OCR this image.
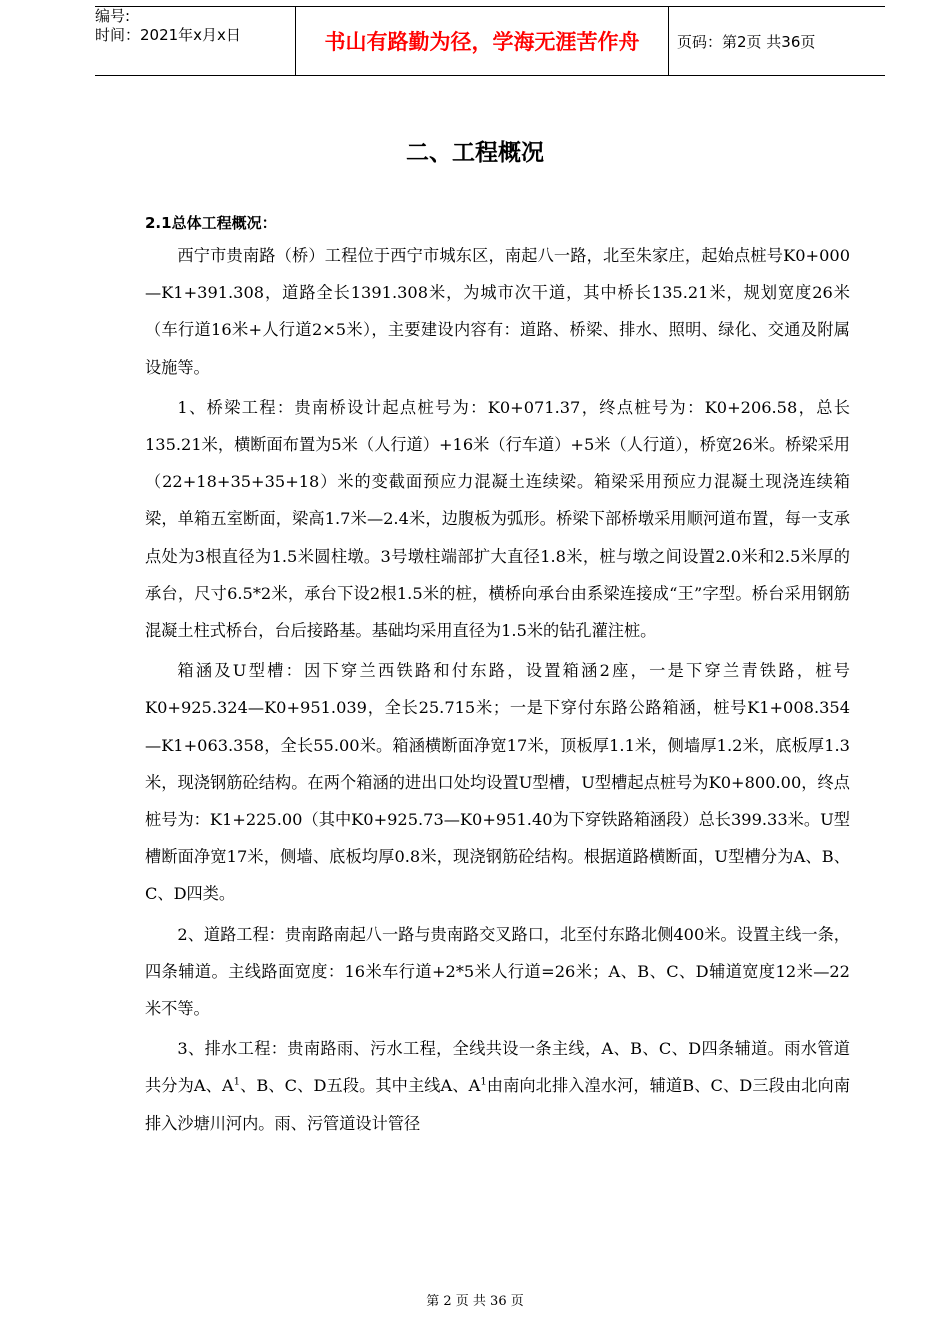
编号:
时间：2021年x月x日	书山有路勤为径，学海无涯苦作舟	页码：第2页 共36页
二、工程概况
2.1总体工程概况：

西宁市贵南路（桥）工程位于西宁市城东区，南起八一路，北至朱家庄，起始点桩号K0+000—K1+391.308，道路全长1391.308米，为城市次干道，其中桥长135.21米，规划宽度26米（车行道16米+人行道2×5米），主要建设内容有：道路、桥梁、排水、照明、绿化、交通及附属设施等。

1、桥梁工程：贵南桥设计起点桩号为：K0+071.37，终点桩号为：K0+206.58，总长135.21米，横断面布置为5米（人行道）+16米（行车道）+5米（人行道），桥宽26米。桥梁采用（22+18+35+35+18）米的变截面预应力混凝土连续梁。箱梁采用预应力混凝土现浇连续箱梁，单箱五室断面，梁高1.7米—2.4米，边腹板为弧形。桥梁下部桥墩采用顺河道布置，每一支承点处为3根直径为1.5米圆柱墩。3号墩柱端部扩大直径1.8米，桩与墩之间设置2.0米和2.5米厚的承台，尺寸6.5*2米，承台下设2根1.5米的桩，横桥向承台由系梁连接成“王”字型。桥台采用钢筋混凝土柱式桥台，台后接路基。基础均采用直径为1.5米的钻孔灌注桩。

箱涵及U型槽：因下穿兰西铁路和付东路，设置箱涵2座，一是下穿兰青铁路，桩号K0+925.324—K0+951.039，全长25.715米；一是下穿付东路公路箱涵，桩号K1+008.354—K1+063.358，全长55.00米。箱涵横断面净宽17米，顶板厚1.1米，侧墙厚1.2米，底板厚1.3米，现浇钢筋砼结构。在两个箱涵的进出口处均设置U型槽，U型槽起点桩号为K0+800.00，终点桩号为：K1+225.00（其中K0+925.73—K0+951.40为下穿铁路箱涵段）总长399.33米。U型槽断面净宽17米，侧墙、底板均厚0.8米，现浇钢筋砼结构。根据道路横断面，U型槽分为A、B、C、D四类。

2、道路工程：贵南路南起八一路与贵南路交叉路口，北至付东路北侧400米。设置主线一条，四条辅道。主线路面宽度：16米车行道+2*5米人行道=26米；A、B、C、D辅道宽度12米—22米不等。

3、排水工程：贵南路雨、污水工程，全线共设一条主线，A、B、C、D四条辅道。雨水管道共分为A、$A^1$、B、C、D五段。其中主线A、$A^1$由南向北排入湟水河，辅道B、C、D三段由北向南排入沙塘川河内。雨、污管道设计管径

第 2 页 共 36 页
